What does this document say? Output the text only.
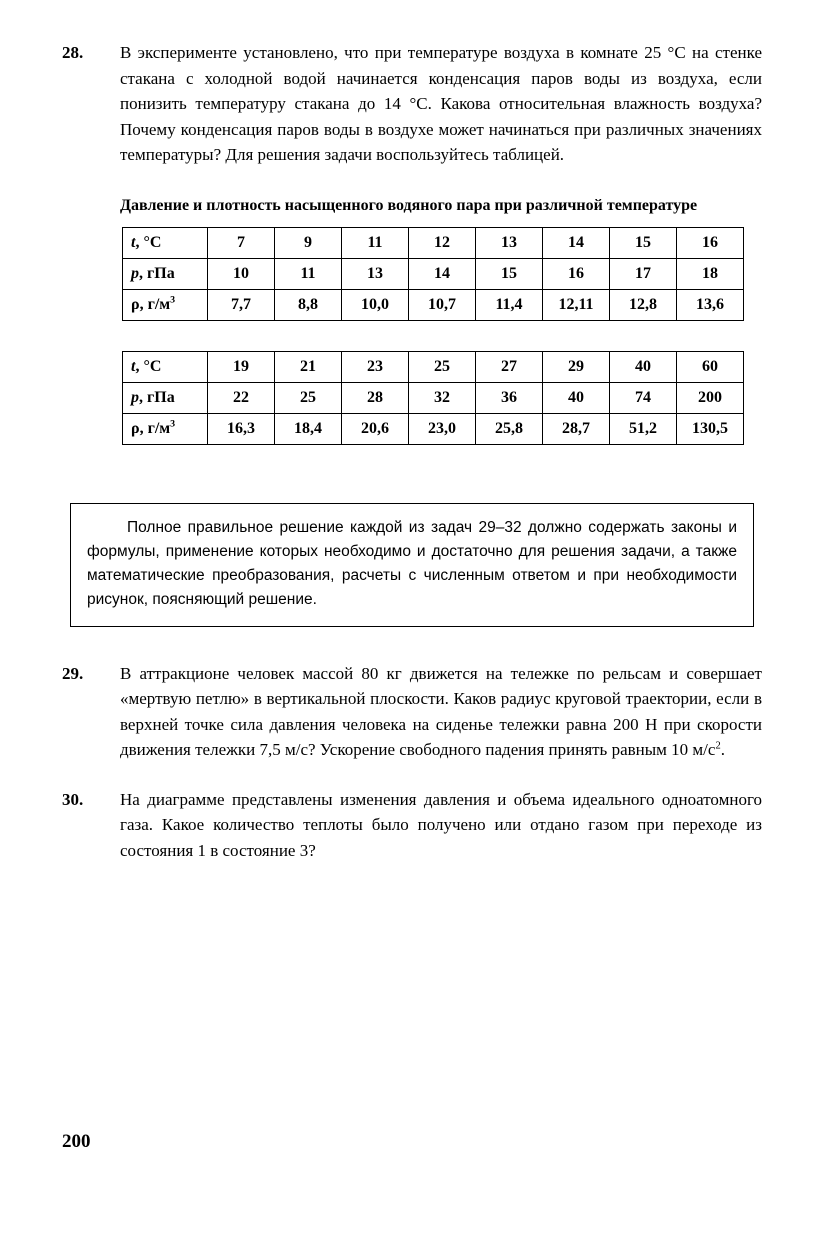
28.	В эксперименте установлено, что при температуре воздуха в комнате 25 °С на стенке стакана с холодной водой начинается конденсация паров воды из воздуха, если понизить температуру стакана до 14 °С. Какова относительная влажность воздуха? Почему конденсация паров воды в воздухе может начинаться при различных значениях температуры? Для решения задачи воспользуйтесь таблицей.
Давление и плотность насыщенного водяного пара при различной температуре
t, °С	7	9	11	12	13	14	15	16
p, гПа	10	11	13	14	15	16	17	18
ρ, $г/м^3$	7,7	8,8	10,0	10,7	11,4	12,11	12,8	13,6
t, °С	19	21	23	25	27	29	40	60
p, гПа	22	25	28	32	36	40	74	200
ρ, $г/м^3$	16,3	18,4	20,6	23,0	25,8	28,7	51,2	130,5
Полное правильное решение каждой из задач 29–32 должно содержать законы и формулы, применение которых необходимо и достаточно для решения задачи, а также математические преобразования, расчеты с численным ответом и при необходимости рисунок, поясняющий решение.
29.	В аттракционе человек массой 80 кг движется на тележке по рельсам и совершает «мертвую петлю» в вертикальной плоскости. Каков радиус круговой траектории, если в верхней точке сила давления человека на сиденье тележки равна 200 Н при скорости движения тележки 7,5 м/с? Ускорение свободного падения принять равным 10 $м/с^2$.
30.	На диаграмме представлены изменения давления и объема идеального одноатомного газа. Какое количество теплоты было получено или отдано газом при переходе из состояния 1 в состояние 3?
200
